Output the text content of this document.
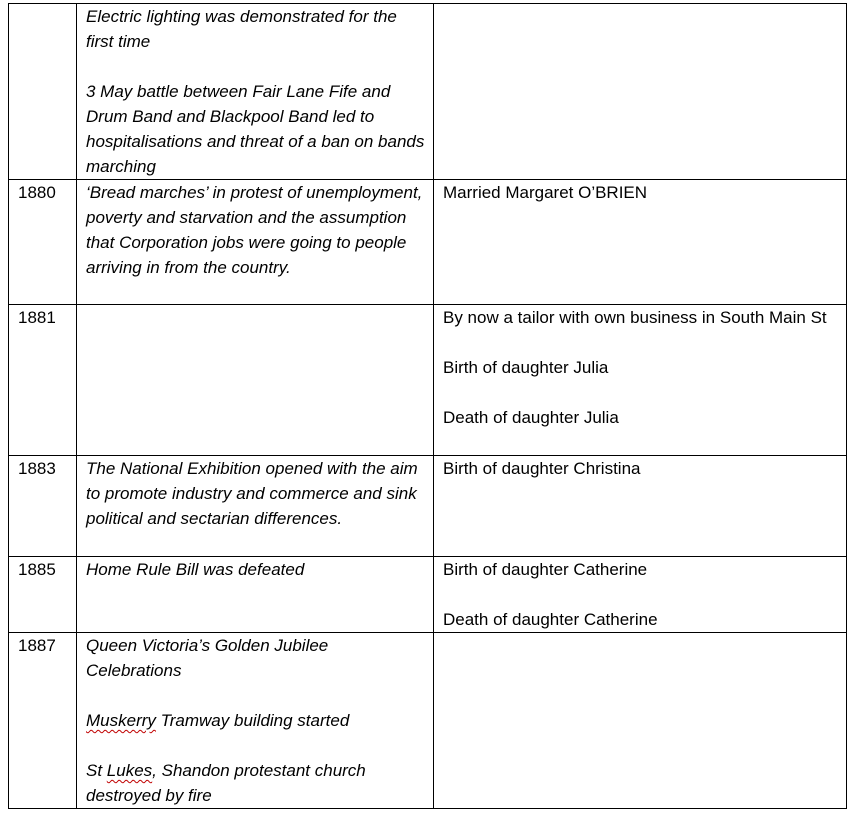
	Electric lighting was demonstrated for the first time

3 May battle between Fair Lane Fife and Drum Band and Blackpool Band led to hospitalisations and threat of a ban on bands marching	

1880	‘Bread marches’ in protest of unemployment, poverty and starvation and the assumption that Corporation jobs were going to people arriving in from the country.	Married Margaret O’BRIEN

1881		By now a tailor with own business in South Main St

Birth of daughter Julia

Death of daughter Julia

1883	The National Exhibition opened with the aim to promote industry and commerce and sink political and sectarian differences.	Birth of daughter Christina

1885	Home Rule Bill was defeated	Birth of daughter Catherine

Death of daughter Catherine

1887	Queen Victoria’s Golden Jubilee Celebrations

Muskerry Tramway building started

St Lukes, Shandon protestant church destroyed by fire	
